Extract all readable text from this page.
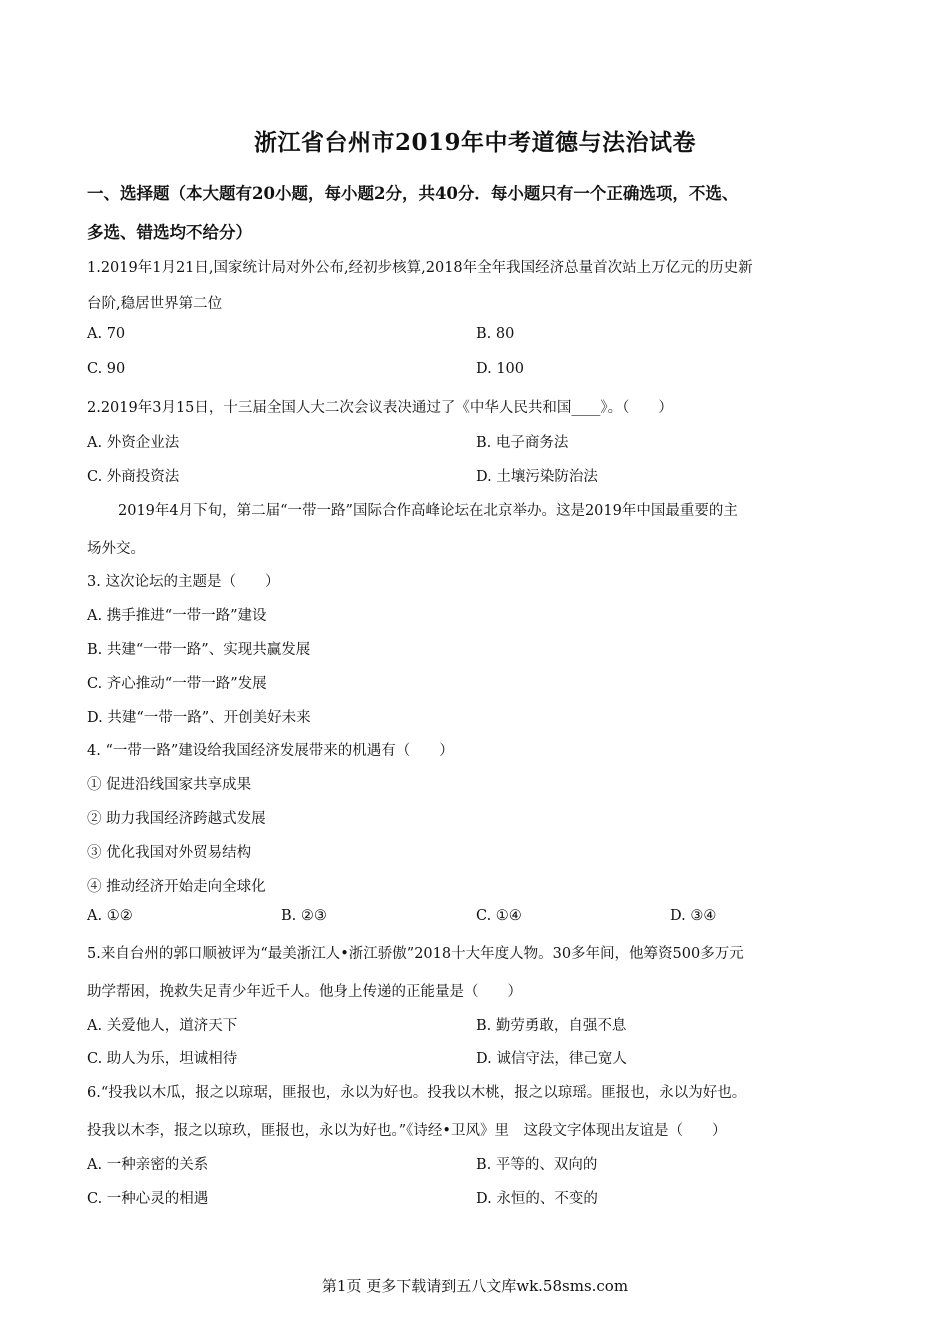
浙江省台州市2019年中考道德与法治试卷
一、选择题（本大题有20小题，每小题2分，共40分．每小题只有一个正确选项，不选、
多选、错选均不给分）
1.2019年1月21日,国家统计局对外公布,经初步核算,2018年全年我国经济总量首次站上万亿元的历史新
台阶,稳居世界第二位
A. 70	B. 80
C. 90	D. 100
2.2019年3月15日，十三届全国人大二次会议表决通过了《中华人民共和国____》。（　　）
A. 外资企业法	B. 电子商务法
C. 外商投资法	D. 土壤污染防治法
2019年4月下旬，第二届“一带一路”国际合作高峰论坛在北京举办。这是2019年中国最重要的主
场外交。
3. 这次论坛的主题是（　　）
A. 携手推进“一带一路”建设
B. 共建“一带一路”、实现共赢发展
C. 齐心推动“一带一路”发展
D. 共建“一带一路”、开创美好未来
4. “一带一路”建设给我国经济发展带来的机遇有（　　）
① 促进沿线国家共享成果
② 助力我国经济跨越式发展
③ 优化我国对外贸易结构
④ 推动经济开始走向全球化
A. ①②	B. ②③	C. ①④	D. ③④
5.来自台州的郭口顺被评为“最美浙江人•浙江骄傲”2018十大年度人物。30多年间，他筹资500多万元
助学帮困，挽救失足青少年近千人。他身上传递的正能量是（　　）
A. 关爱他人，道济天下	B. 勤劳勇敢，自强不息
C. 助人为乐，坦诚相待	D. 诚信守法，律己宽人
6.“投我以木瓜，报之以琼琚，匪报也，永以为好也。投我以木桃，报之以琼瑶。匪报也，永以为好也。
投我以木李，报之以琼玖，匪报也，永以为好也。”《诗经•卫风》里　这段文字体现出友谊是（　　）
A. 一种亲密的关系	B. 平等的、双向的
C. 一种心灵的相遇	D. 永恒的、不变的
第1页 更多下载请到五八文库wk.58sms.com
